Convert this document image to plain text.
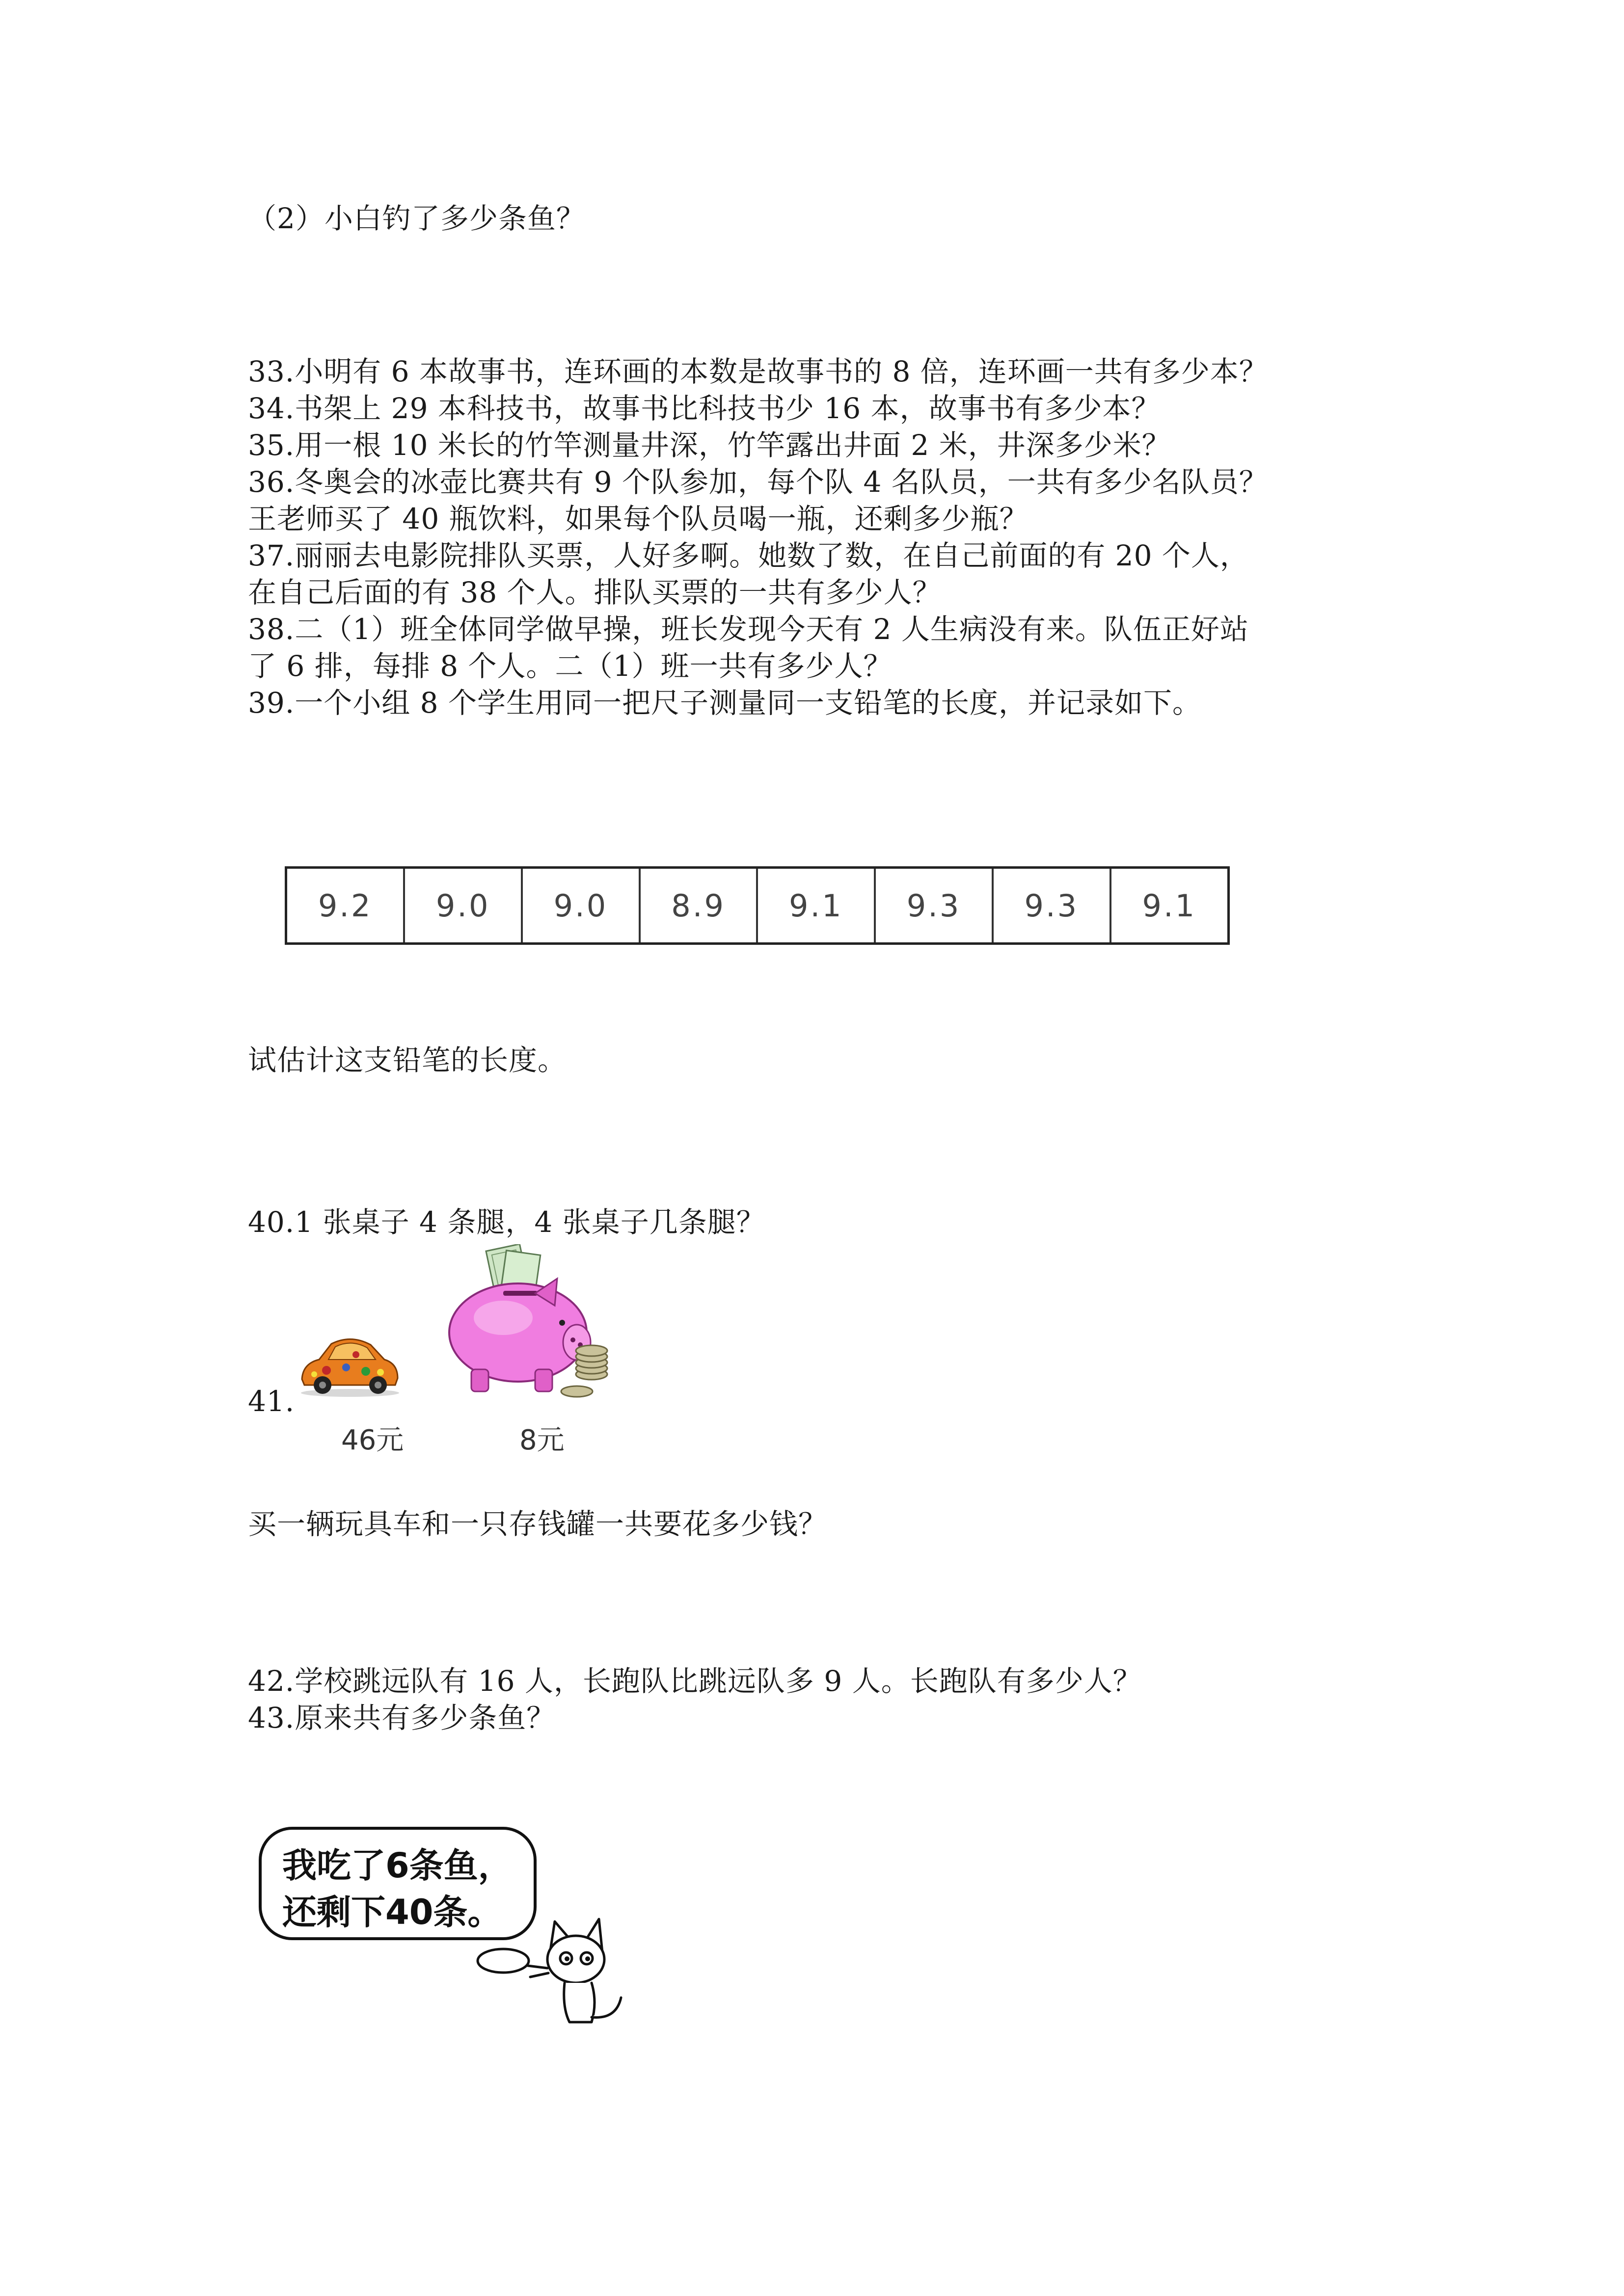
（2）小白钓了多少条鱼？
33.小明有 6 本故事书，连环画的本数是故事书的 8 倍，连环画一共有多少本？
34.书架上 29 本科技书，故事书比科技书少 16 本，故事书有多少本？
35.用一根 10 米长的竹竿测量井深，竹竿露出井面 2 米，井深多少米？
36.冬奥会的冰壶比赛共有 9 个队参加，每个队 4 名队员，一共有多少名队员？
王老师买了 40 瓶饮料，如果每个队员喝一瓶，还剩多少瓶？
37.丽丽去电影院排队买票，人好多啊。她数了数，在自己前面的有 20 个人，
在自己后面的有 38 个人。排队买票的一共有多少人？
38.二（1）班全体同学做早操，班长发现今天有 2 人生病没有来。队伍正好站
了 6 排，每排 8 个人。二（1）班一共有多少人？
39.一个小组 8 个学生用同一把尺子测量同一支铅笔的长度，并记录如下。
9.2	9.0	9.0	8.9	9.1	9.3	9.3	9.1
试估计这支铅笔的长度。
40.1 张桌子 4 条腿，4 张桌子几条腿？
41.
46元	8元
买一辆玩具车和一只存钱罐一共要花多少钱？
42.学校跳远队有 16 人，长跑队比跳远队多 9 人。长跑队有多少人？
43.原来共有多少条鱼？
我吃了6条鱼，
还剩下40条。
